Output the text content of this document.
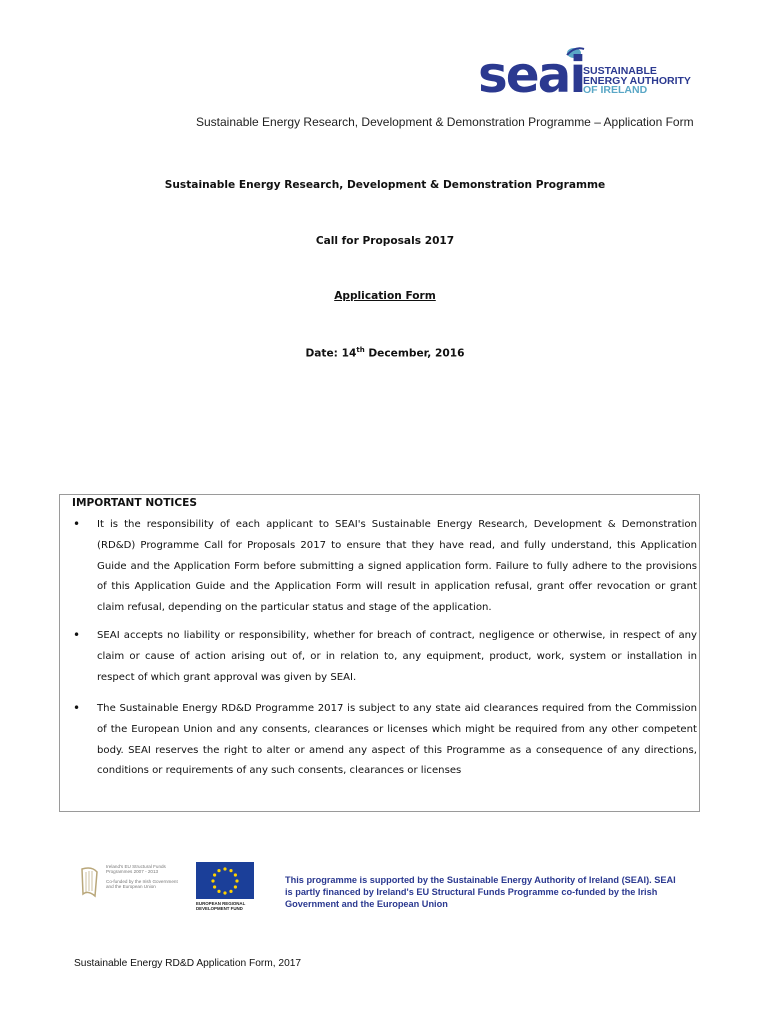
seai
SUSTAINABLE
ENERGY AUTHORITY
OF IRELAND
Sustainable Energy Research, Development & Demonstration Programme – Application Form
Sustainable Energy Research, Development & Demonstration Programme
Call for Proposals 2017
Application Form
Date: 14th December, 2016
IMPORTANT NOTICES
• It is the responsibility of each applicant to SEAI's Sustainable Energy Research, Development & Demonstration (RD&D) Programme Call for Proposals 2017 to ensure that they have read, and fully understand, this Application Guide and the Application Form before submitting a signed application form. Failure to fully adhere to the provisions of this Application Guide and the Application Form will result in application refusal, grant offer revocation or grant claim refusal, depending on the particular status and stage of the application.
• SEAI accepts no liability or responsibility, whether for breach of contract, negligence or otherwise, in respect of any claim or cause of action arising out of, or in relation to, any equipment, product, work, system or installation in respect of which grant approval was given by SEAI.
• The Sustainable Energy RD&D Programme 2017 is subject to any state aid clearances required from the Commission of the European Union and any consents, clearances or licenses which might be required from any other competent body. SEAI reserves the right to alter or amend any aspect of this Programme as a consequence of any directions, conditions or requirements of any such consents, clearances or licenses
Ireland's EU Structural Funds
Programmes 2007 - 2013
Co-funded by the Irish Government
and the European Union
EUROPEAN REGIONAL
DEVELOPMENT FUND
This programme is supported by the Sustainable Energy Authority of Ireland (SEAI). SEAI is partly financed by Ireland's EU Structural Funds Programme co-funded by the Irish Government and the European Union
Sustainable Energy RD&D Application Form, 2017
